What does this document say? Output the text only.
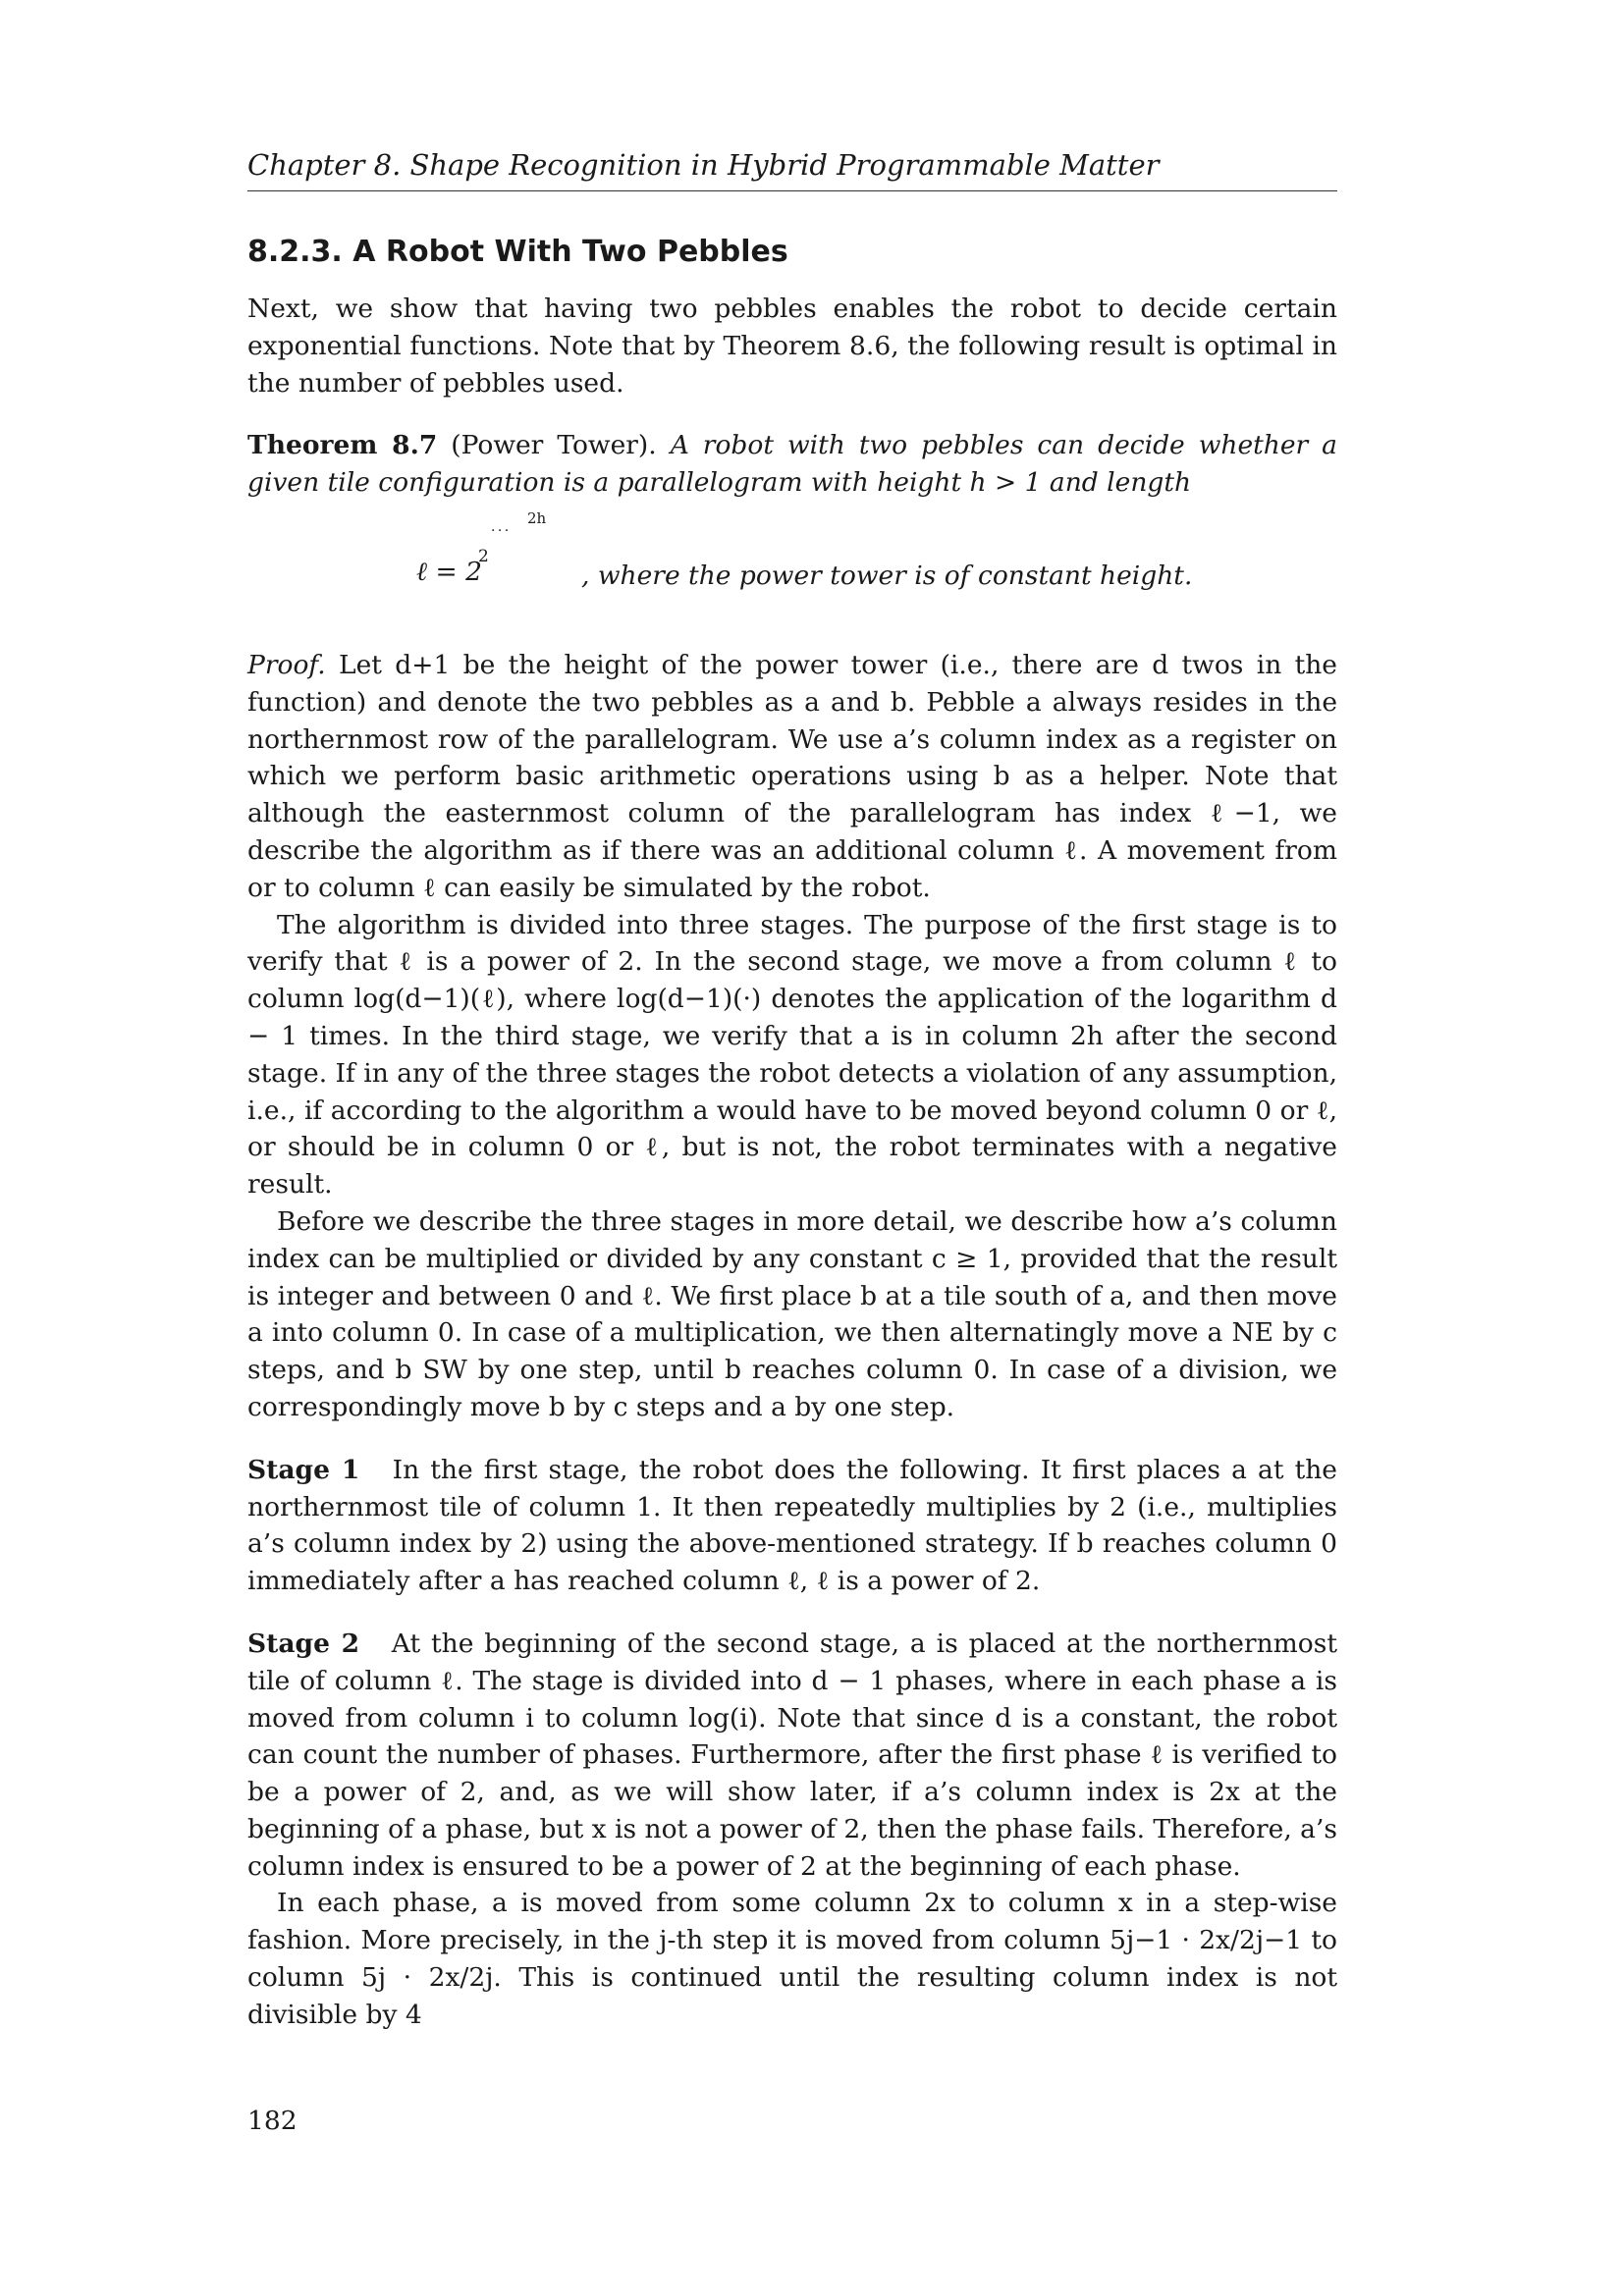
Chapter 8. Shape Recognition in Hybrid Programmable Matter
8.2.3. A Robot With Two Pebbles

Next, we show that having two pebbles enables the robot to decide certain exponential functions. Note that by Theorem 8.6, the following result is optimal in the number of pebbles used.

Theorem 8.7 (Power Tower). A robot with two pebbles can decide whether a given tile configuration is a parallelogram with height h > 1 and length

ℓ = 2
2
· · ·
2h
, where the power tower is of constant height.

Proof. Let d+1 be the height of the power tower (i.e., there are d twos in the function) and denote the two pebbles as a and b. Pebble a always resides in the northernmost row of the parallelogram. We use a’s column index as a register on which we perform basic arithmetic operations using b as a helper. Note that although the easternmost column of the parallelogram has index ℓ−1, we describe the algorithm as if there was an additional column ℓ. A movement from or to column ℓ can easily be simulated by the robot.

The algorithm is divided into three stages. The purpose of the first stage is to verify that ℓ is a power of 2. In the second stage, we move a from column ℓ to column log(d−1)(ℓ), where log(d−1)(·) denotes the application of the logarithm d − 1 times. In the third stage, we verify that a is in column 2h after the second stage. If in any of the three stages the robot detects a violation of any assumption, i.e., if according to the algorithm a would have to be moved beyond column 0 or ℓ, or should be in column 0 or ℓ, but is not, the robot terminates with a negative result.

Before we describe the three stages in more detail, we describe how a’s column index can be multiplied or divided by any constant c ≥ 1, provided that the result is integer and between 0 and ℓ. We first place b at a tile south of a, and then move a into column 0. In case of a multiplication, we then alternatingly move a NE by c steps, and b SW by one step, until b reaches column 0. In case of a division, we correspondingly move b by c steps and a by one step.

Stage 1 In the first stage, the robot does the following. It first places a at the northernmost tile of column 1. It then repeatedly multiplies by 2 (i.e., multiplies a’s column index by 2) using the above-mentioned strategy. If b reaches column 0 immediately after a has reached column ℓ, ℓ is a power of 2.

Stage 2 At the beginning of the second stage, a is placed at the northernmost tile of column ℓ. The stage is divided into d − 1 phases, where in each phase a is moved from column i to column log(i). Note that since d is a constant, the robot can count the number of phases. Furthermore, after the first phase ℓ is verified to be a power of 2, and, as we will show later, if a’s column index is 2x at the beginning of a phase, but x is not a power of 2, then the phase fails. Therefore, a’s column index is ensured to be a power of 2 at the beginning of each phase.

In each phase, a is moved from some column 2x to column x in a step-wise fashion. More precisely, in the j-th step it is moved from column 5j−1 · 2x/2j−1 to column 5j · 2x/2j. This is continued until the resulting column index is not divisible by 4

182
